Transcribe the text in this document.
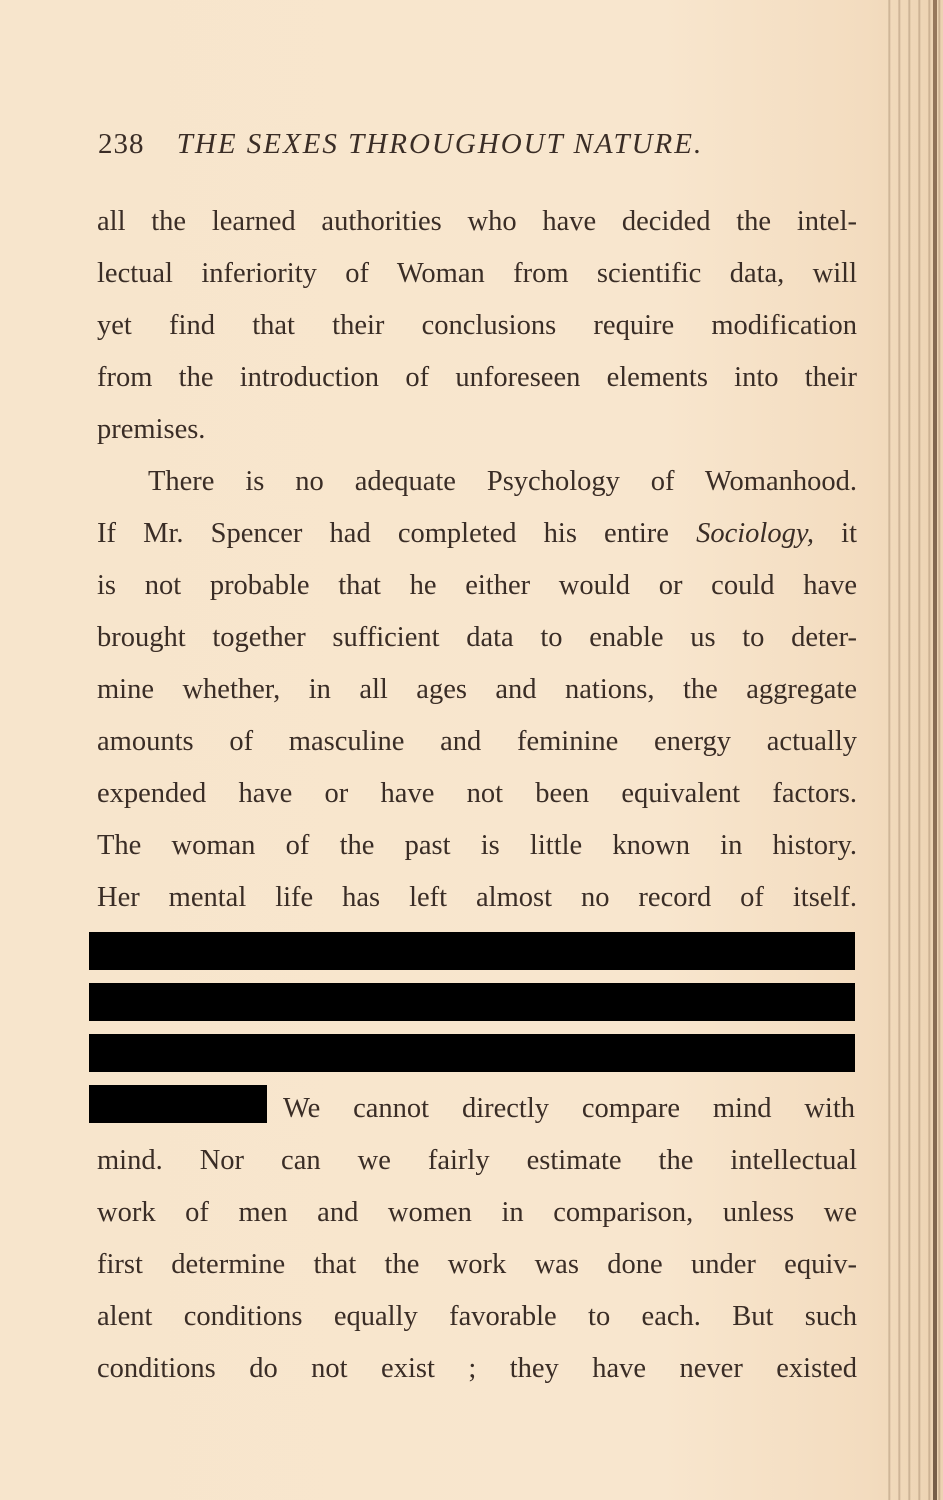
238 THE SEXES THROUGHOUT NATURE.
all the learned authorities who have decided the intel-
lectual inferiority of Woman from scientific data, will
yet find that their conclusions require modification
from the introduction of unforeseen elements into their
premises.
There is no adequate Psychology of Womanhood.
If Mr. Spencer had completed his entire Sociology, it
is not probable that he either would or could have
brought together sufficient data to enable us to deter-
mine whether, in all ages and nations, the aggregate
amounts of masculine and feminine energy actually
expended have or have not been equivalent factors.
The woman of the past is little known in history.
Her mental life has left almost no record of itself.
We cannot directly compare mind with
mind. Nor can we fairly estimate the intellectual
work of men and women in comparison, unless we
first determine that the work was done under equiv-
alent conditions equally favorable to each. But such
conditions do not exist ; they have never existed
